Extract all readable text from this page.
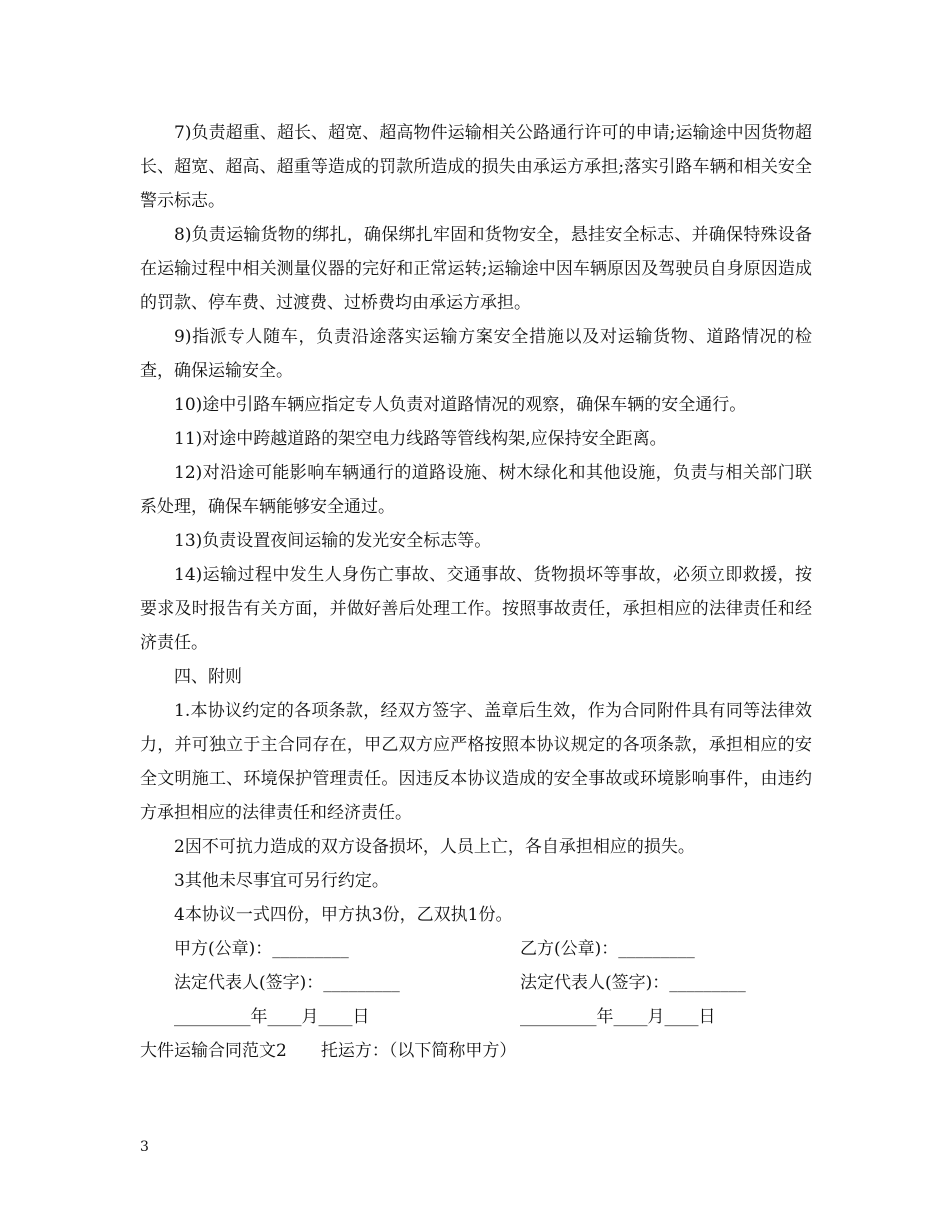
7)负责超重、超长、超宽、超高物件运输相关公路通行许可的申请;运输途中因货物超长、超宽、超高、超重等造成的罚款所造成的损失由承运方承担;落实引路车辆和相关安全警示标志。

8)负责运输货物的绑扎，确保绑扎牢固和货物安全，悬挂安全标志、并确保特殊设备在运输过程中相关测量仪器的完好和正常运转;运输途中因车辆原因及驾驶员自身原因造成的罚款、停车费、过渡费、过桥费均由承运方承担。

9)指派专人随车，负责沿途落实运输方案安全措施以及对运输货物、道路情况的检查，确保运输安全。

10)途中引路车辆应指定专人负责对道路情况的观察，确保车辆的安全通行。

11)对途中跨越道路的架空电力线路等管线构架,应保持安全距离。

12)对沿途可能影响车辆通行的道路设施、树木绿化和其他设施，负责与相关部门联系处理，确保车辆能够安全通过。

13)负责设置夜间运输的发光安全标志等。

14)运输过程中发生人身伤亡事故、交通事故、货物损坏等事故，必须立即救援，按要求及时报告有关方面，并做好善后处理工作。按照事故责任，承担相应的法律责任和经济责任。

四、附则

1.本协议约定的各项条款，经双方签字、盖章后生效，作为合同附件具有同等法律效力，并可独立于主合同存在，甲乙双方应严格按照本协议规定的各项条款，承担相应的安全文明施工、环境保护管理责任。因违反本协议造成的安全事故或环境影响事件，由违约方承担相应的法律责任和经济责任。

2因不可抗力造成的双方设备损坏，人员上亡，各自承担相应的损失。

3其他未尽事宜可另行约定。

4本协议一式四份，甲方执3份，乙双执1份。

甲方(公章)：_________	乙方(公章)：_________
法定代表人(签字)：_________	法定代表人(签字)：_________
_________年____月____日	_________年____月____日
大件运输合同范文2 托运方：（以下简称甲方）
3
